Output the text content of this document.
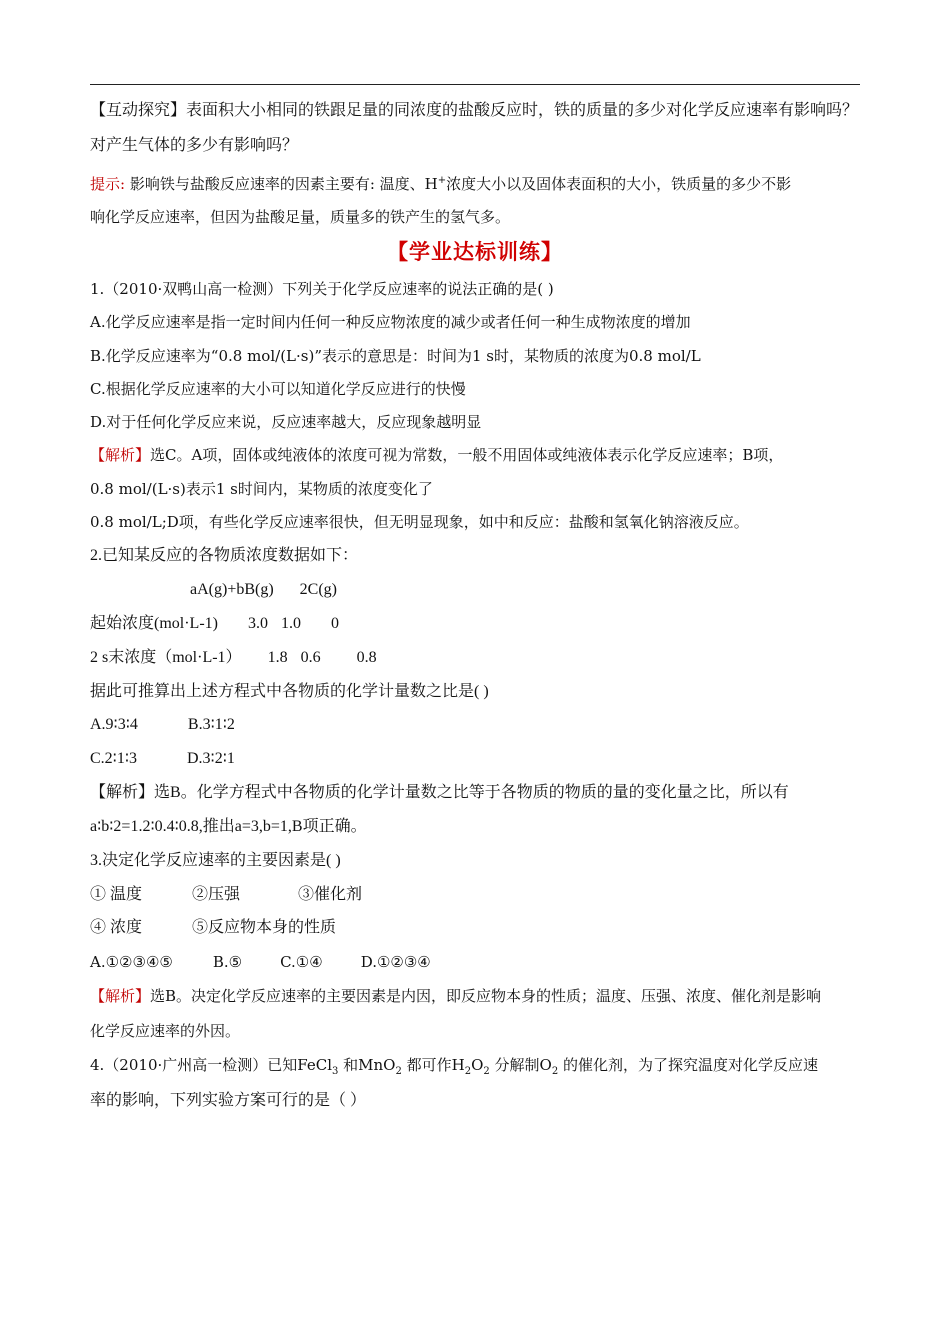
【互动探究】表面积大小相同的铁跟足量的同浓度的盐酸反应时，铁的质量的多少对化学反应速率有影响吗？
对产生气体的多少有影响吗？
提示: 影响铁与盐酸反应速率的因素主要有: 温度、H+浓度大小以及固体表面积的大小，铁质量的多少不影
响化学反应速率，但因为盐酸足量，质量多的铁产生的氢气多。
【学业达标训练】
1.（2010·双鸭山高一检测）下列关于化学反应速率的说法正确的是( )
A.化学反应速率是指一定时间内任何一种反应物浓度的减少或者任何一种生成物浓度的增加
B.化学反应速率为“0.8 mol/(L·s)”表示的意思是：时间为1 s时，某物质的浓度为0.8 mol/L
C.根据化学反应速率的大小可以知道化学反应进行的快慢
D.对于任何化学反应来说，反应速率越大，反应现象越明显
【解析】选C。A项，固体或纯液体的浓度可视为常数，一般不用固体或纯液体表示化学反应速率；B项，
0.8 mol/(L·s)表示1 s时间内，某物质的浓度变化了
0.8 mol/L;D项，有些化学反应速率很快，但无明显现象，如中和反应：盐酸和氢氧化钠溶液反应。
2.已知某反应的各物质浓度数据如下：
aA(g)+bB(g) 2C(g)
起始浓度(mol·L-1) 3.0 1.0 0
2 s末浓度（mol·L-1） 1.8 0.6 0.8
据此可推算出上述方程式中各物质的化学计量数之比是( )
A.9∶3∶4	B.3∶1∶2
C.2∶1∶3	D.3∶2∶1
【解析】选B。化学方程式中各物质的化学计量数之比等于各物质的物质的量的变化量之比，所以有
a∶b∶2=1.2∶0.4∶0.8,推出a=3,b=1,B项正确。
3.决定化学反应速率的主要因素是( )
① 温度	②压强	③催化剂
④ 浓度	⑤反应物本身的性质
A.①②③④⑤	B.⑤	C.①④	D.①②③④
【解析】选B。决定化学反应速率的主要因素是内因，即反应物本身的性质；温度、压强、浓度、催化剂是影响
化学反应速率的外因。
4.（2010·广州高一检测）已知FeCl$_3$ 和MnO$_2$ 都可作$H_2O_2$ 分解制$O_2$ 的催化剂，为了探究温度对化学反应速
率的影响，下列实验方案可行的是（ ）
